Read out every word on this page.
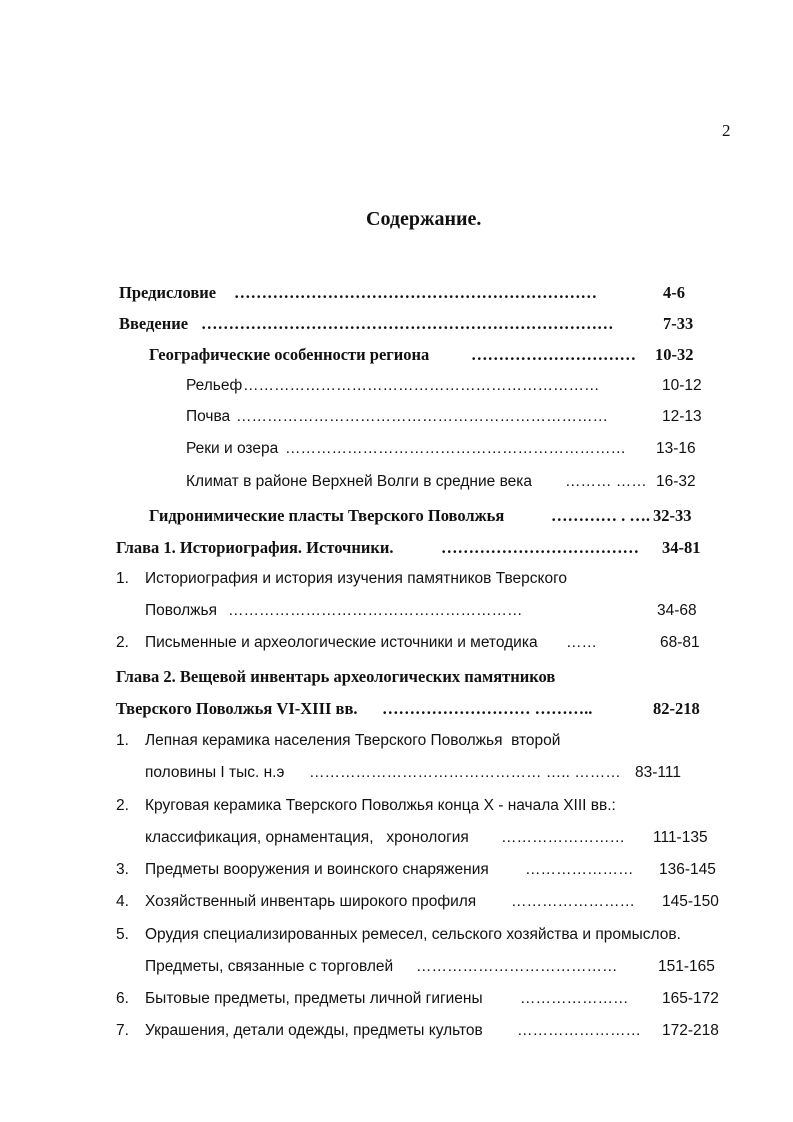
2
Содержание.
Предисловие …………………………………………………………	4-6
Введение …………………………………………………………………	7-33
Географические особенности региона	…………………………	10-32
Рельеф ……………………………………………………………	10-12
Почва ………………………………………………………………	12-13
Реки и озера …………………………………………………………	13-16
Климат в районе Верхней Волги в средние века ……… …… 16-32
Гидронимические пласты Тверского Поволжья	………… . …. 32-33
Глава 1. Историография. Источники.	………………………………	34-81
1. Историография и история изучения памятников Тверского
Поволжья …………………………………………………	34-68
2. Письменные и археологические источники и методика ……	68-81
Глава 2. Вещевой инвентарь археологических памятников
Тверского Поволжья VI-XIII вв. ……………………… ………..	82-218
1. Лепная керамика населения Тверского Поволжья  второй
половины I тыс. н.э ……………………………………… ….. ……… 83-111
2. Круговая керамика Тверского Поволжья конца X - начала XIII вв.:
классификация, орнаментация,   хронология ……………………	111-135
3. Предметы вооружения и воинского снаряжения …………………	136-145
4. Хозяйственный инвентарь широкого профиля ……………………	145-150
5. Орудия специализированных ремесел, сельского хозяйства и промыслов.
Предметы, связанные с торговлей …………………………………	151-165
6. Бытовые предметы, предметы личной гигиены …………………	165-172
7. Украшения, детали одежды, предметы культов ……………………	172-218
